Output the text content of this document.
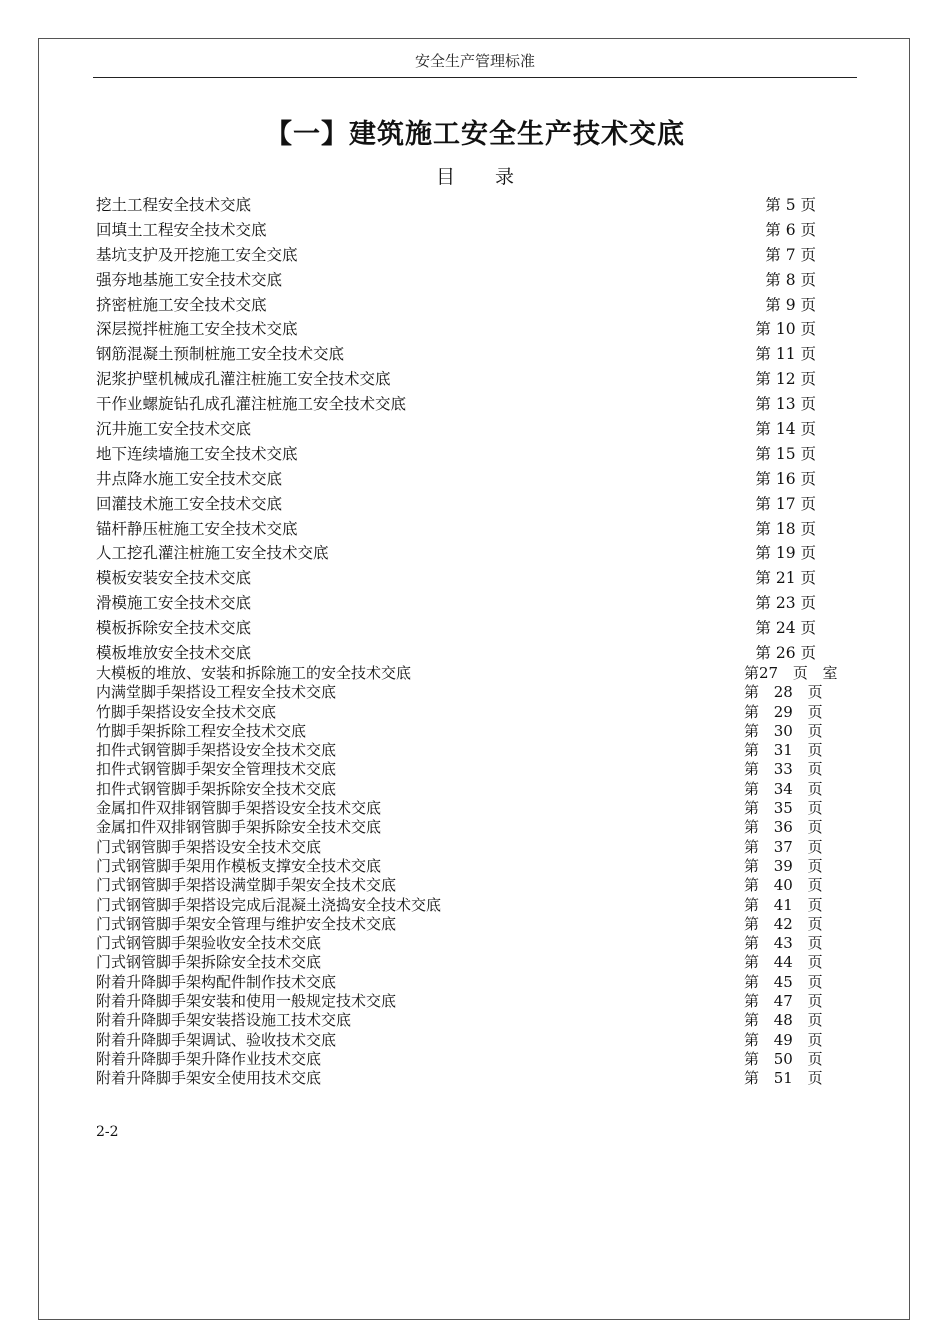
安全生产管理标准
【一】建筑施工安全生产技术交底
目 录
挖土工程安全技术交底	第 5 页
回填土工程安全技术交底	第 6 页
基坑支护及开挖施工安全交底	第 7 页
强夯地基施工安全技术交底	第 8 页
挤密桩施工安全技术交底	第 9 页
深层搅拌桩施工安全技术交底	第 10 页
钢筋混凝土预制桩施工安全技术交底	第 11 页
泥浆护壁机械成孔灌注桩施工安全技术交底	第 12 页
干作业螺旋钻孔成孔灌注桩施工安全技术交底	第 13 页
沉井施工安全技术交底	第 14 页
地下连续墙施工安全技术交底	第 15 页
井点降水施工安全技术交底	第 16 页
回灌技术施工安全技术交底	第 17 页
锚杆静压桩施工安全技术交底	第 18 页
人工挖孔灌注桩施工安全技术交底	第 19 页
模板安装安全技术交底	第 21 页
滑模施工安全技术交底	第 23 页
模板拆除安全技术交底	第 24 页
模板堆放安全技术交底	第 26 页
大模板的堆放、安装和拆除施工的安全技术交底	第27 页 室
内满堂脚手架搭设工程安全技术交底	第 28 页
竹脚手架搭设安全技术交底	第 29 页
竹脚手架拆除工程安全技术交底	第 30 页
扣件式钢管脚手架搭设安全技术交底	第 31 页
扣件式钢管脚手架安全管理技术交底	第 33 页
扣件式钢管脚手架拆除安全技术交底	第 34 页
金属扣件双排钢管脚手架搭设安全技术交底	第 35 页
金属扣件双排钢管脚手架拆除安全技术交底	第 36 页
门式钢管脚手架搭设安全技术交底	第 37 页
门式钢管脚手架用作模板支撑安全技术交底	第 39 页
门式钢管脚手架搭设满堂脚手架安全技术交底	第 40 页
门式钢管脚手架搭设完成后混凝土浇捣安全技术交底	第 41 页
门式钢管脚手架安全管理与维护安全技术交底	第 42 页
门式钢管脚手架验收安全技术交底	第 43 页
门式钢管脚手架拆除安全技术交底	第 44 页
附着升降脚手架构配件制作技术交底	第 45 页
附着升降脚手架安装和使用一般规定技术交底	第 47 页
附着升降脚手架安装搭设施工技术交底	第 48 页
附着升降脚手架调试、验收技术交底	第 49 页
附着升降脚手架升降作业技术交底	第 50 页
附着升降脚手架安全使用技术交底	第 51 页
2-2
